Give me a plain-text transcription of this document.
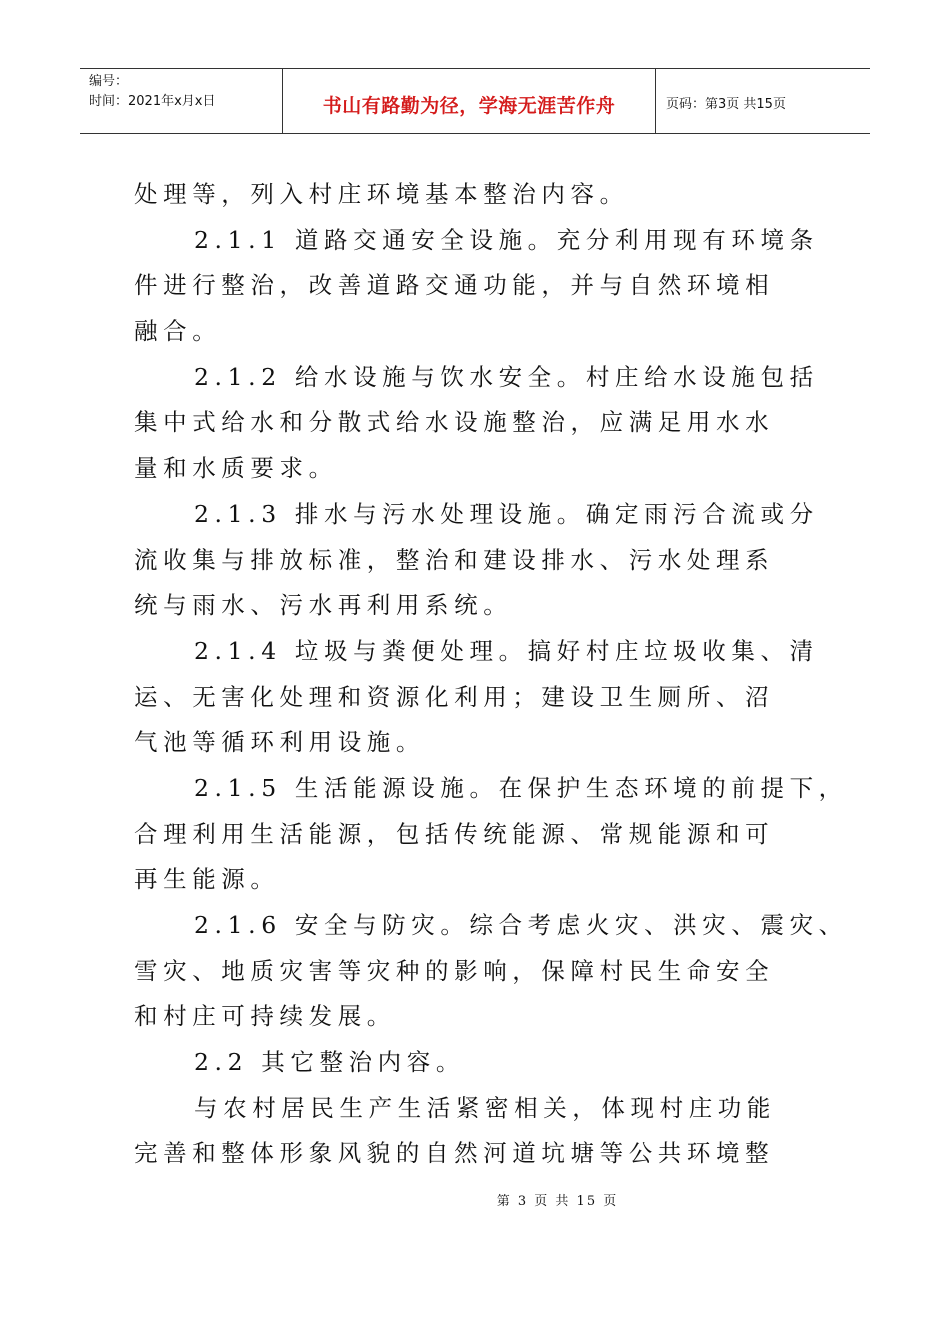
编号：
时间：2021年x月x日	书山有路勤为径，学海无涯苦作舟	页码：第3页 共15页
处理等，列入村庄环境基本整治内容。
2.1.1 道路交通安全设施。充分利用现有环境条
件进行整治，改善道路交通功能，并与自然环境相
融合。
2.1.2 给水设施与饮水安全。村庄给水设施包括
集中式给水和分散式给水设施整治，应满足用水水
量和水质要求。
2.1.3 排水与污水处理设施。确定雨污合流或分
流收集与排放标准，整治和建设排水、污水处理系
统与雨水、污水再利用系统。
2.1.4 垃圾与粪便处理。搞好村庄垃圾收集、清
运、无害化处理和资源化利用；建设卫生厕所、沼
气池等循环利用设施。
2.1.5 生活能源设施。在保护生态环境的前提下，
合理利用生活能源，包括传统能源、常规能源和可
再生能源。
2.1.6 安全与防灾。综合考虑火灾、洪灾、震灾、
雪灾、地质灾害等灾种的影响，保障村民生命安全
和村庄可持续发展。
2.2 其它整治内容。
与农村居民生产生活紧密相关，体现村庄功能
完善和整体形象风貌的自然河道坑塘等公共环境整
第 3 页 共 15 页
